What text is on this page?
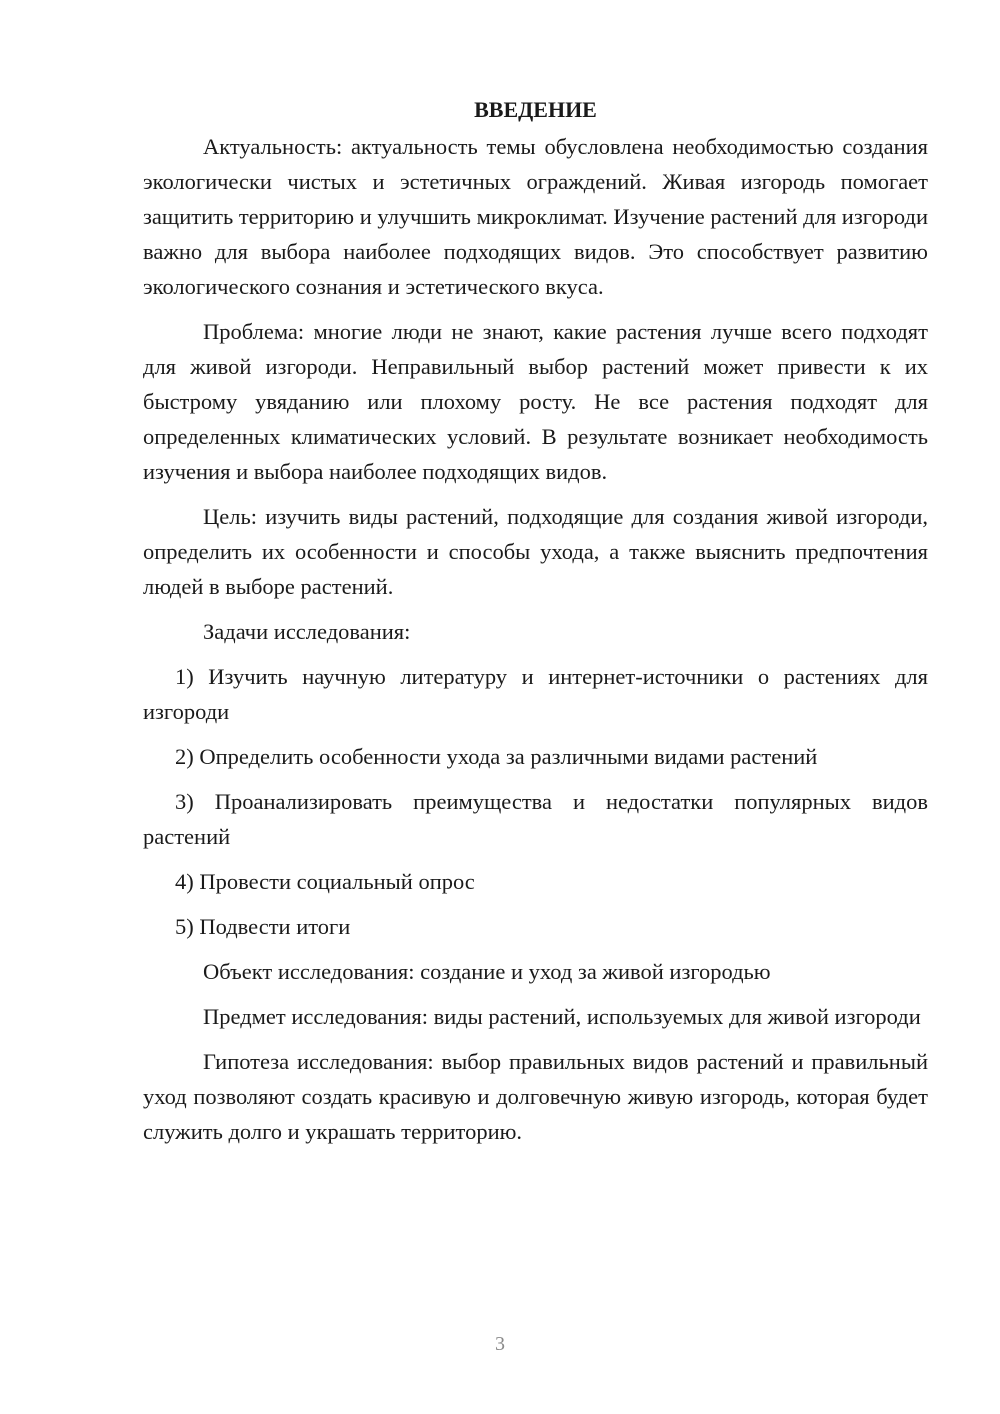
ВВЕДЕНИЕ

Актуальность: актуальность темы обусловлена необходимостью создания экологически чистых и эстетичных ограждений. Живая изгородь помогает защитить территорию и улучшить микроклимат. Изучение растений для изгороди важно для выбора наиболее подходящих видов. Это способствует развитию экологического сознания и эстетического вкуса.

Проблема: многие люди не знают, какие растения лучше всего подходят для живой изгороди. Неправильный выбор растений может привести к их быстрому увяданию или плохому росту. Не все растения подходят для определенных климатических условий. В результате возникает необходимость изучения и выбора наиболее подходящих видов.

Цель: изучить виды растений, подходящие для создания живой изгороди, определить их особенности и способы ухода, а также выяснить предпочтения людей в выборе растений.

Задачи исследования:

1) Изучить научную литературу и интернет-источники о растениях для изгороди

2) Определить особенности ухода за различными видами растений

3) Проанализировать преимущества и недостатки популярных видов растений

4) Провести социальный опрос

5) Подвести итоги

Объект исследования: создание и уход за живой изгородью

Предмет исследования: виды растений, используемых для живой изгороди

Гипотеза исследования: выбор правильных видов растений и правильный уход позволяют создать красивую и долговечную живую изгородь, которая будет служить долго и украшать территорию.

3
